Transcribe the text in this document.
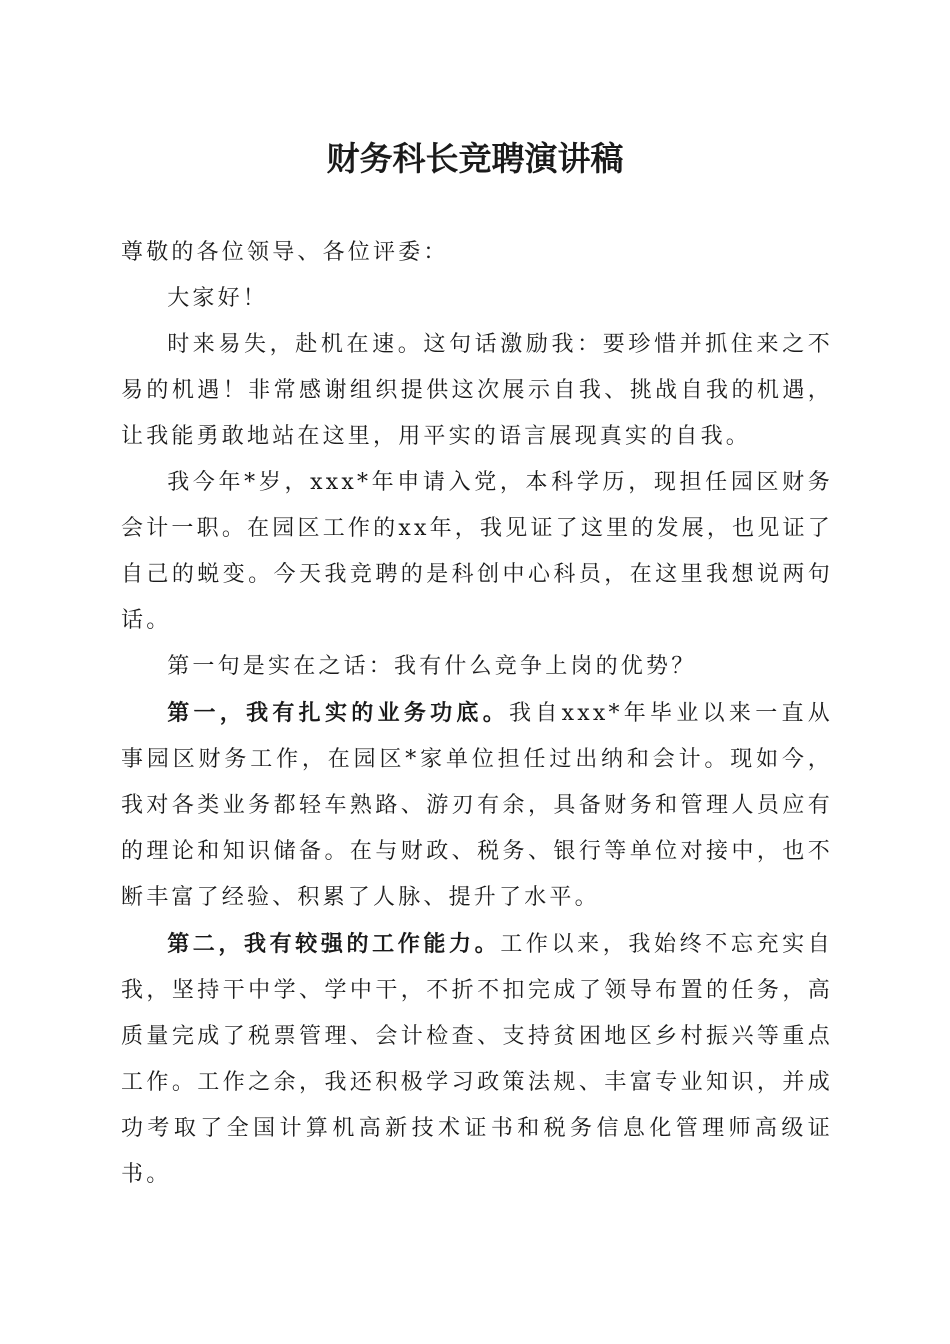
财务科长竞聘演讲稿

尊敬的各位领导、各位评委：

大家好！

时来易失，赴机在速。这句话激励我：要珍惜并抓住来之不易的机遇！非常感谢组织提供这次展示自我、挑战自我的机遇，让我能勇敢地站在这里，用平实的语言展现真实的自我。

我今年*岁，xxx*年申请入党，本科学历，现担任园区财务会计一职。在园区工作的xx年，我见证了这里的发展，也见证了自己的蜕变。今天我竞聘的是科创中心科员，在这里我想说两句话。

第一句是实在之话：我有什么竞争上岗的优势？

第一，我有扎实的业务功底。我自xxx*年毕业以来一直从事园区财务工作，在园区*家单位担任过出纳和会计。现如今，我对各类业务都轻车熟路、游刃有余，具备财务和管理人员应有的理论和知识储备。在与财政、税务、银行等单位对接中，也不断丰富了经验、积累了人脉、提升了水平。

第二，我有较强的工作能力。工作以来，我始终不忘充实自我，坚持干中学、学中干，不折不扣完成了领导布置的任务，高质量完成了税票管理、会计检查、支持贫困地区乡村振兴等重点工作。工作之余，我还积极学习政策法规、丰富专业知识，并成功考取了全国计算机高新技术证书和税务信息化管理师高级证书。
